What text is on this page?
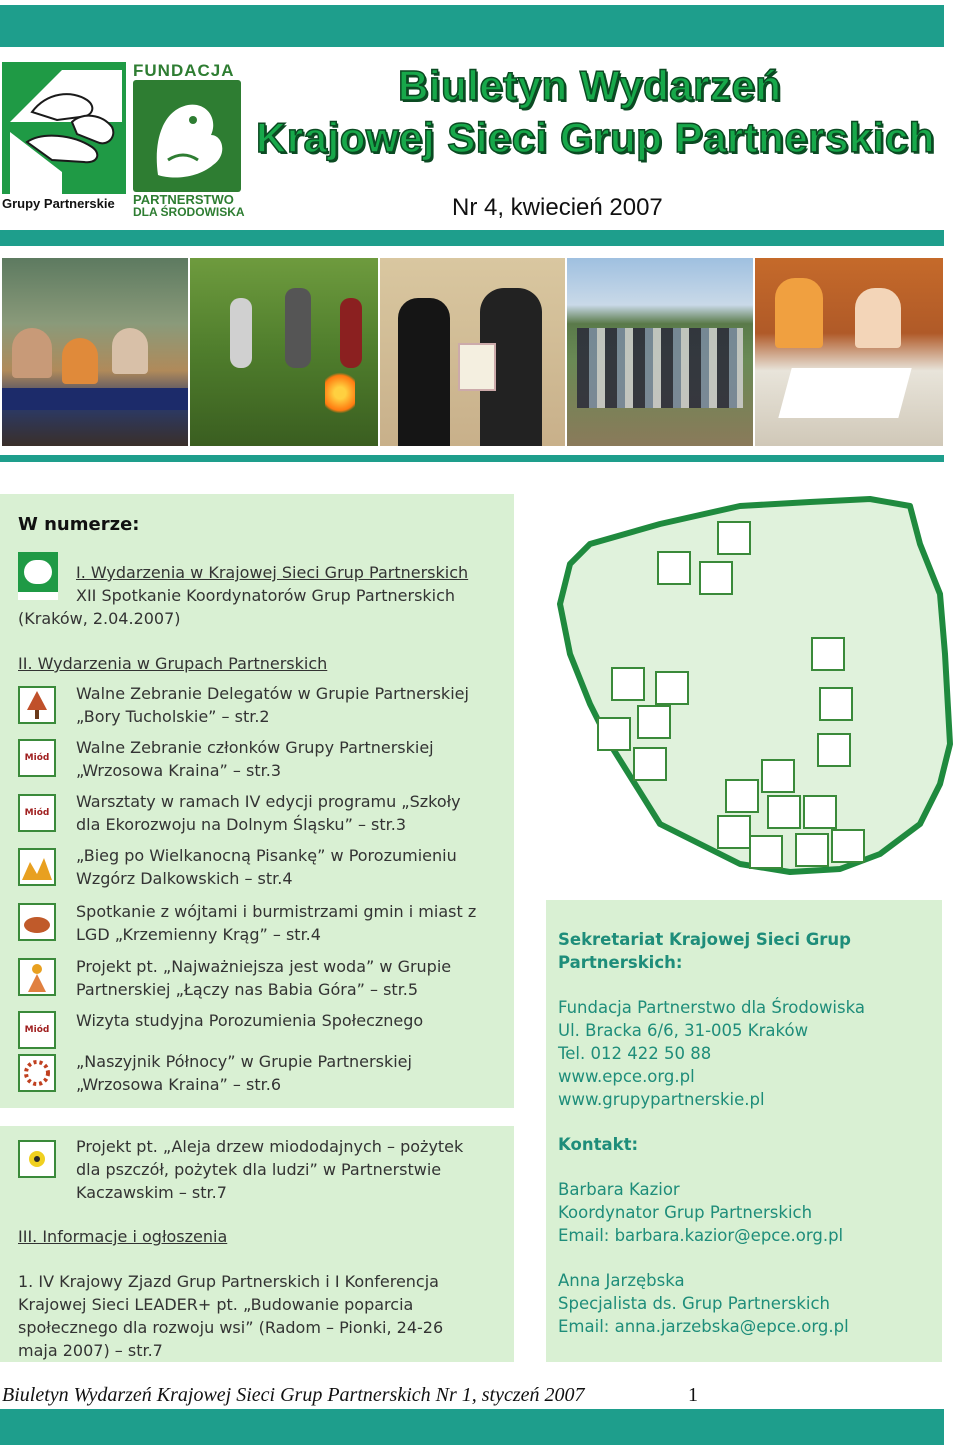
Grupy Partnerskie
FUNDACJA
PARTNERSTWO
DLA ŚRODOWISKA
Biuletyn Wydarzeń
Krajowej Sieci Grup Partnerskich
Nr 4, kwiecień 2007
W numerze:
I. Wydarzenia w Krajowej Sieci Grup Partnerskich
XII Spotkanie Koordynatorów Grup Partnerskich
(Kraków, 2.04.2007)
II. Wydarzenia w Grupach Partnerskich
Walne Zebranie Delegatów w Grupie Partnerskiej
„Bory Tucholskie” – str.2
Miód
Walne Zebranie członków Grupy Partnerskiej
„Wrzosowa Kraina” – str.3
Miód
Warsztaty w ramach IV edycji programu „Szkoły
dla Ekorozwoju na Dolnym Śląsku” – str.3
„Bieg po Wielkanocną Pisankę” w Porozumieniu
Wzgórz Dalkowskich – str.4
Spotkanie z wójtami i burmistrzami gmin i miast z
LGD „Krzemienny Krąg” – str.4
Projekt pt. „Najważniejsza jest woda” w Grupie
Partnerskiej „Łączy nas Babia Góra” – str.5
Miód Wizyta studyjna Porozumienia Społecznego
„Naszyjnik Północy” w Grupie Partnerskiej
„Wrzosowa Kraina” – str.6
Projekt pt. „Aleja drzew miododajnych – pożytek
dla pszczół, pożytek dla ludzi” w Partnerstwie
Kaczawskim – str.7
III. Informacje i ogłoszenia
1. IV Krajowy Zjazd Grup Partnerskich i I Konferencja
Krajowej Sieci LEADER+ pt. „Budowanie poparcia
społecznego dla rozwoju wsi” (Radom – Pionki, 24-26
maja 2007) – str.7
Sekretariat Krajowej Sieci Grup
Partnerskich:
Fundacja Partnerstwo dla Środowiska
Ul. Bracka 6/6, 31-005 Kraków
Tel. 012 422 50 88
www.epce.org.pl
www.grupypartnerskie.pl
Kontakt:
Barbara Kazior
Koordynator Grup Partnerskich
Email: barbara.kazior@epce.org.pl
Anna Jarzębska
Specjalista ds. Grup Partnerskich
Email: anna.jarzebska@epce.org.pl
Biuletyn Wydarzeń Krajowej Sieci Grup Partnerskich Nr 1, styczeń 2007	1
